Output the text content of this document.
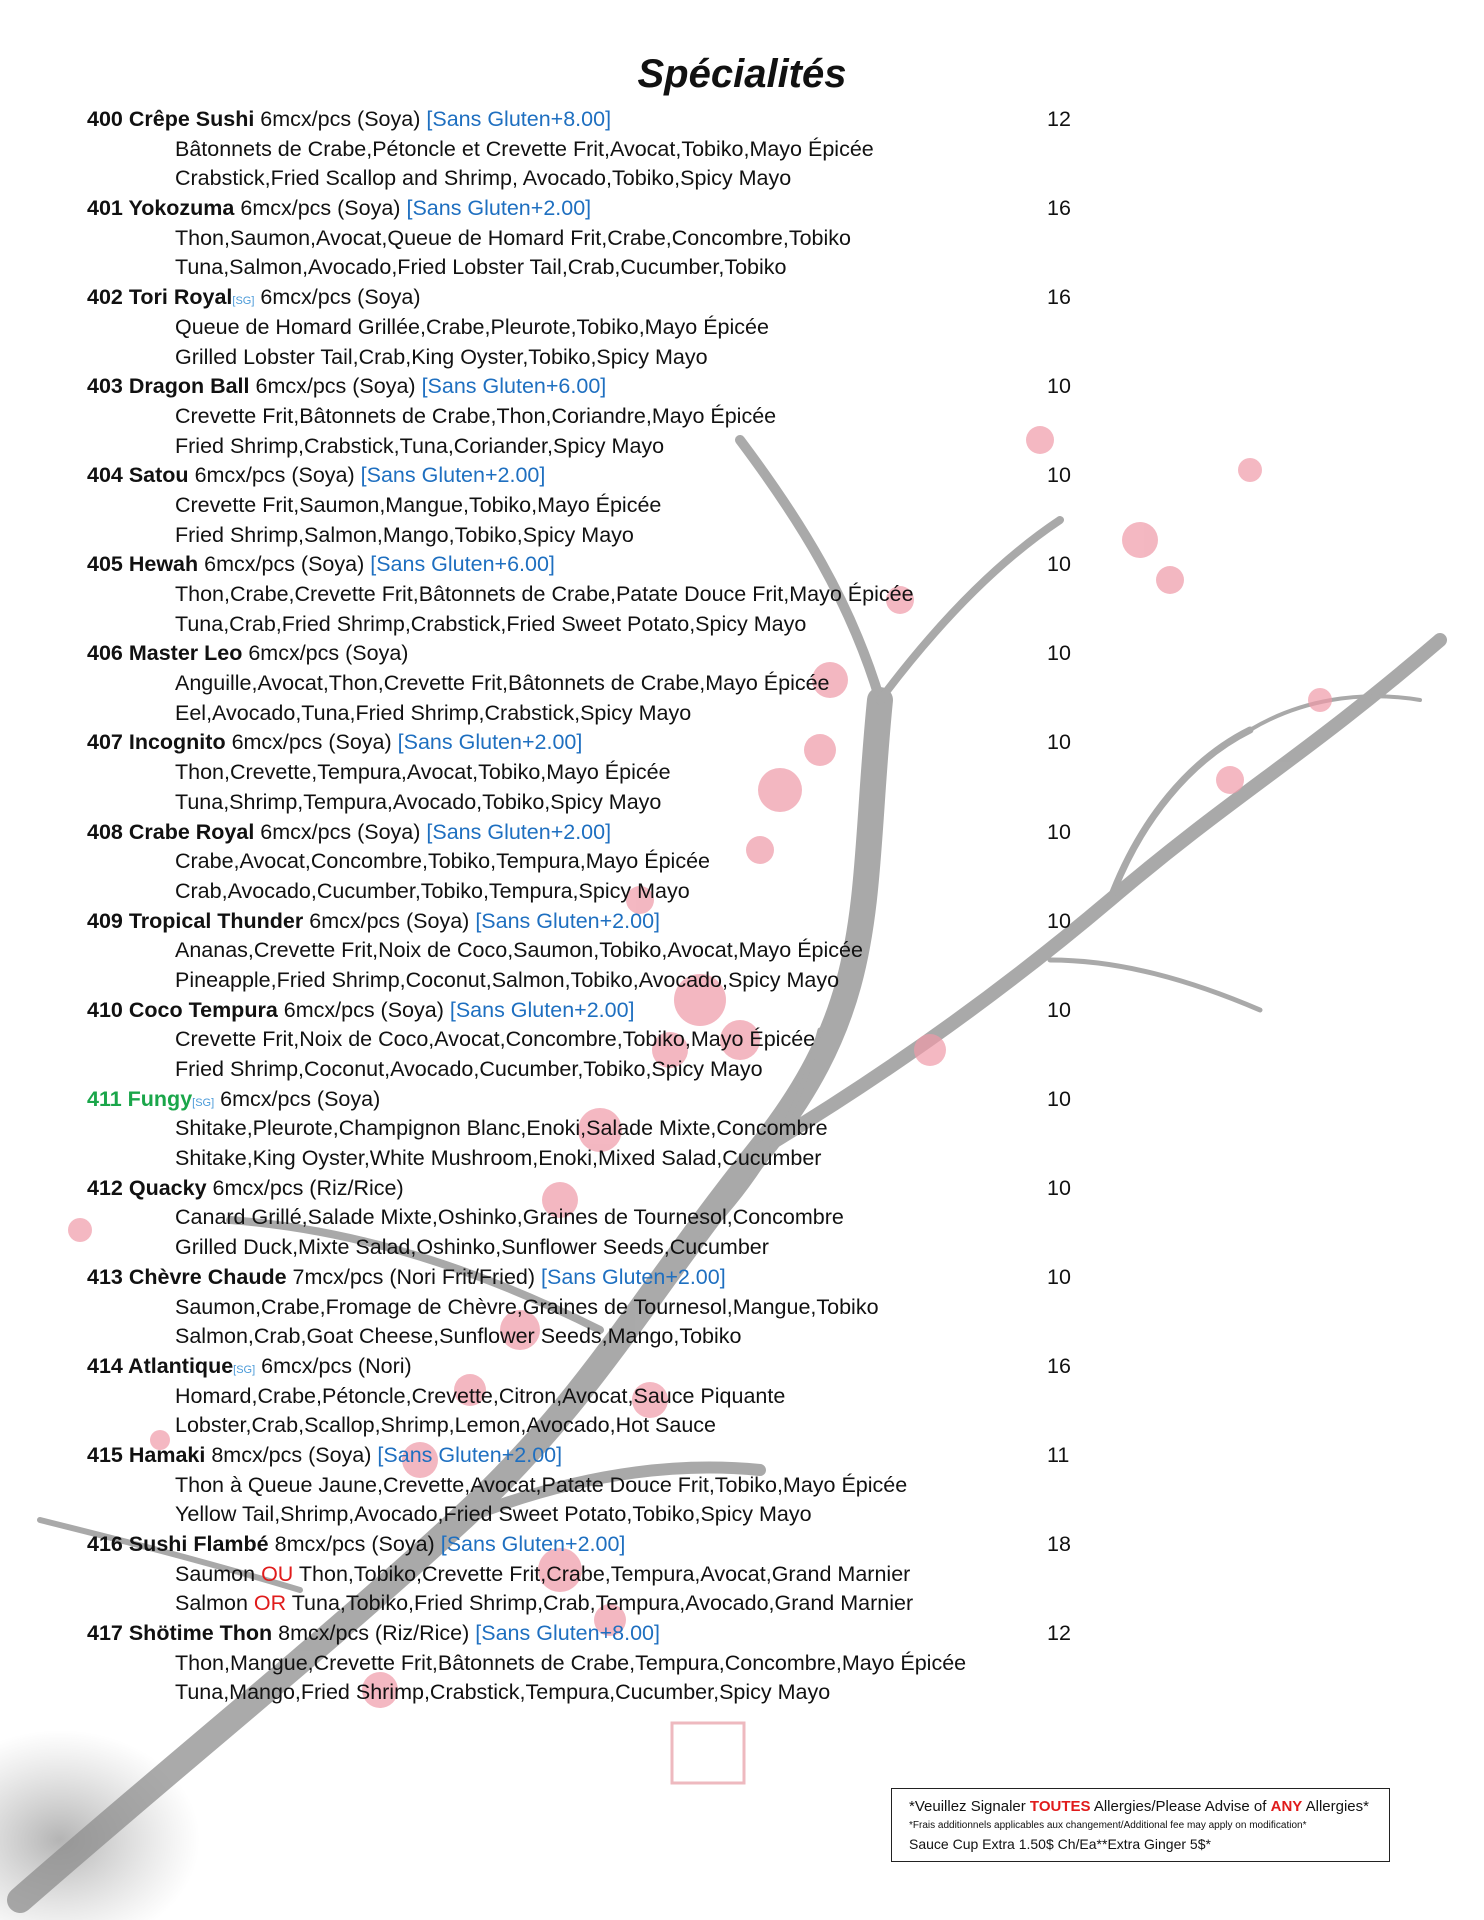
Spécialités
400 Crêpe Sushi 6mcx/pcs (Soya) [Sans Gluten+8.00]	12
Bâtonnets de Crabe,Pétoncle et Crevette Frit,Avocat,Tobiko,Mayo Épicée
Crabstick,Fried Scallop and Shrimp, Avocado,Tobiko,Spicy Mayo
401 Yokozuma 6mcx/pcs (Soya) [Sans Gluten+2.00]	16
Thon,Saumon,Avocat,Queue de Homard Frit,Crabe,Concombre,Tobiko
Tuna,Salmon,Avocado,Fried Lobster Tail,Crab,Cucumber,Tobiko
402 Tori Royal[SG] 6mcx/pcs (Soya)	16
Queue de Homard Grillée,Crabe,Pleurote,Tobiko,Mayo Épicée
Grilled Lobster Tail,Crab,King Oyster,Tobiko,Spicy Mayo
403 Dragon Ball 6mcx/pcs (Soya) [Sans Gluten+6.00]	10
Crevette Frit,Bâtonnets de Crabe,Thon,Coriandre,Mayo Épicée
Fried Shrimp,Crabstick,Tuna,Coriander,Spicy Mayo
404 Satou 6mcx/pcs (Soya) [Sans Gluten+2.00]	10
Crevette Frit,Saumon,Mangue,Tobiko,Mayo Épicée
Fried Shrimp,Salmon,Mango,Tobiko,Spicy Mayo
405 Hewah 6mcx/pcs (Soya) [Sans Gluten+6.00]	10
Thon,Crabe,Crevette Frit,Bâtonnets de Crabe,Patate Douce Frit,Mayo Épicée
Tuna,Crab,Fried Shrimp,Crabstick,Fried Sweet Potato,Spicy Mayo
406 Master Leo 6mcx/pcs (Soya)	10
Anguille,Avocat,Thon,Crevette Frit,Bâtonnets de Crabe,Mayo Épicée
Eel,Avocado,Tuna,Fried Shrimp,Crabstick,Spicy Mayo
407 Incognito 6mcx/pcs (Soya) [Sans Gluten+2.00]	10
Thon,Crevette,Tempura,Avocat,Tobiko,Mayo Épicée
Tuna,Shrimp,Tempura,Avocado,Tobiko,Spicy Mayo
408 Crabe Royal 6mcx/pcs (Soya) [Sans Gluten+2.00]	10
Crabe,Avocat,Concombre,Tobiko,Tempura,Mayo Épicée
Crab,Avocado,Cucumber,Tobiko,Tempura,Spicy Mayo
409 Tropical Thunder 6mcx/pcs (Soya) [Sans Gluten+2.00]	10
Ananas,Crevette Frit,Noix de Coco,Saumon,Tobiko,Avocat,Mayo Épicée
Pineapple,Fried Shrimp,Coconut,Salmon,Tobiko,Avocado,Spicy Mayo
410 Coco Tempura 6mcx/pcs (Soya) [Sans Gluten+2.00]	10
Crevette Frit,Noix de Coco,Avocat,Concombre,Tobiko,Mayo Épicée
Fried Shrimp,Coconut,Avocado,Cucumber,Tobiko,Spicy Mayo
411 Fungy[SG] 6mcx/pcs (Soya)	10
Shitake,Pleurote,Champignon Blanc,Enoki,Salade Mixte,Concombre
Shitake,King Oyster,White Mushroom,Enoki,Mixed Salad,Cucumber
412 Quacky 6mcx/pcs (Riz/Rice)	10
Canard Grillé,Salade Mixte,Oshinko,Graines de Tournesol,Concombre
Grilled Duck,Mixte Salad,Oshinko,Sunflower Seeds,Cucumber
413 Chèvre Chaude 7mcx/pcs (Nori Frit/Fried) [Sans Gluten+2.00]	10
Saumon,Crabe,Fromage de Chèvre,Graines de Tournesol,Mangue,Tobiko
Salmon,Crab,Goat Cheese,Sunflower Seeds,Mango,Tobiko
414 Atlantique[SG] 6mcx/pcs (Nori)	16
Homard,Crabe,Pétoncle,Crevette,Citron,Avocat,Sauce Piquante
Lobster,Crab,Scallop,Shrimp,Lemon,Avocado,Hot Sauce
415 Hamaki 8mcx/pcs (Soya) [Sans Gluten+2.00]	11
Thon à Queue Jaune,Crevette,Avocat,Patate Douce Frit,Tobiko,Mayo Épicée
Yellow Tail,Shrimp,Avocado,Fried Sweet Potato,Tobiko,Spicy Mayo
416 Sushi Flambé 8mcx/pcs (Soya) [Sans Gluten+2.00]	18
Saumon OU Thon,Tobiko,Crevette Frit,Crabe,Tempura,Avocat,Grand Marnier
Salmon OR Tuna,Tobiko,Fried Shrimp,Crab,Tempura,Avocado,Grand Marnier
417 Shötime Thon 8mcx/pcs (Riz/Rice) [Sans Gluten+8.00]	12
Thon,Mangue,Crevette Frit,Bâtonnets de Crabe,Tempura,Concombre,Mayo Épicée
Tuna,Mango,Fried Shrimp,Crabstick,Tempura,Cucumber,Spicy Mayo
*Veuillez Signaler TOUTES Allergies/Please Advise of ANY Allergies*
*Frais additionnels applicables aux changement/Additional fee may apply on modification*
Sauce Cup Extra 1.50$ Ch/Ea**Extra Ginger 5$*
